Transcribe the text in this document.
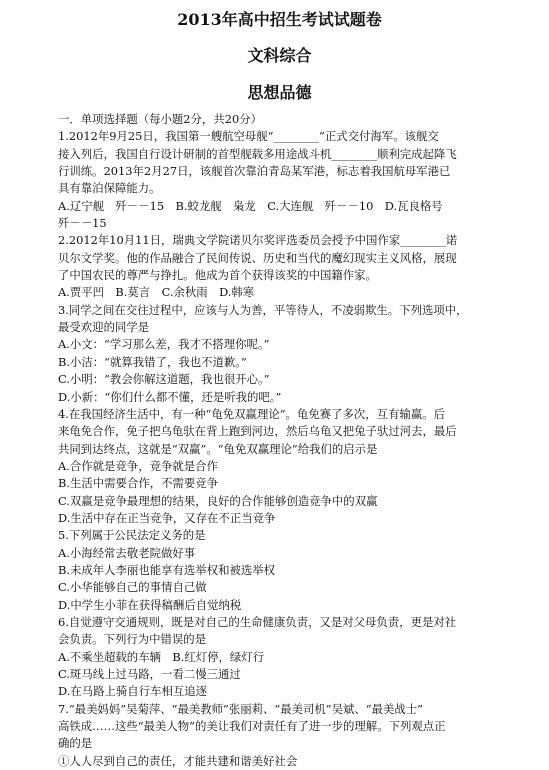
2013年高中招生考试试题卷
文科综合
思想品德
一．单项选择题（每小题2分，共20分）
1.2012年9月25日，我国第一艘航空母舰“________”正式交付海军。该舰交
接入列后，我国自行设计研制的首型舰载多用途战斗机________顺利完成起降飞
行训练。2013年2月27日，该舰首次靠泊青岛某军港，标志着我国航母军港已
具有靠泊保障能力。
A.辽宁舰　歼－－15　B.蛟龙舰　枭龙　C.大连舰　歼－－10　D.瓦良格号
歼－－15
2.2012年10月11日，瑞典文学院诺贝尔奖评选委员会授予中国作家________诺
贝尔文学奖。他的作品融合了民间传说、历史和当代的魔幻现实主义风格，展现
了中国农民的尊严与挣扎。他成为首个获得该奖的中国籍作家。
A.贾平凹　B.莫言　C.余秋雨　D.韩寒
3.同学之间在交往过程中，应该与人为善，平等待人，不凌弱欺生。下列选项中，
最受欢迎的同学是
A.小文：“学习那么差，我才不搭理你呢。”
B.小洁：“就算我错了，我也不道歉。”
C.小明：“教会你解这道题，我也很开心。”
D.小新：“你们什么都不懂，还是听我的吧。”
4.在我国经济生活中，有一种“龟免双赢理论”。龟免赛了多次，互有输赢。后
来龟免合作，免子把乌龟驮在背上跑到河边，然后乌龟又把兔子驮过河去，最后
共同到达终点，这就是“双赢”。“龟免双赢理论”给我们的启示是
A.合作就是竞争，竞争就是合作
B.生活中需要合作，不需要竞争
C.双赢是竞争最理想的结果，良好的合作能够创造竞争中的双赢
D.生活中存在正当竞争，又存在不正当竞争
5.下列属于公民法定义务的是
A.小海经常去敬老院做好事
B.未成年人李丽也能享有选举权和被选举权
C.小华能够自己的事情自己做
D.中学生小菲在获得稿酬后自觉纳税
6.自觉遵守交通规则，既是对自己的生命健康负责，又是对父母负责，更是对社
会负责。下列行为中错误的是
A.不乘坐超载的车辆　B.红灯停，绿灯行
C.斑马线上过马路，一看二慢三通过
D.在马路上骑自行车相互追逐
7.“最美妈妈”吴菊萍、“最美教师”张丽莉、“最美司机”吴斌、“最美战士”
高铁成……这些“最美人物”的美让我们对责任有了进一步的理解。下列观点正
确的是
①人人尽到自己的责任，才能共建和谐美好社会
